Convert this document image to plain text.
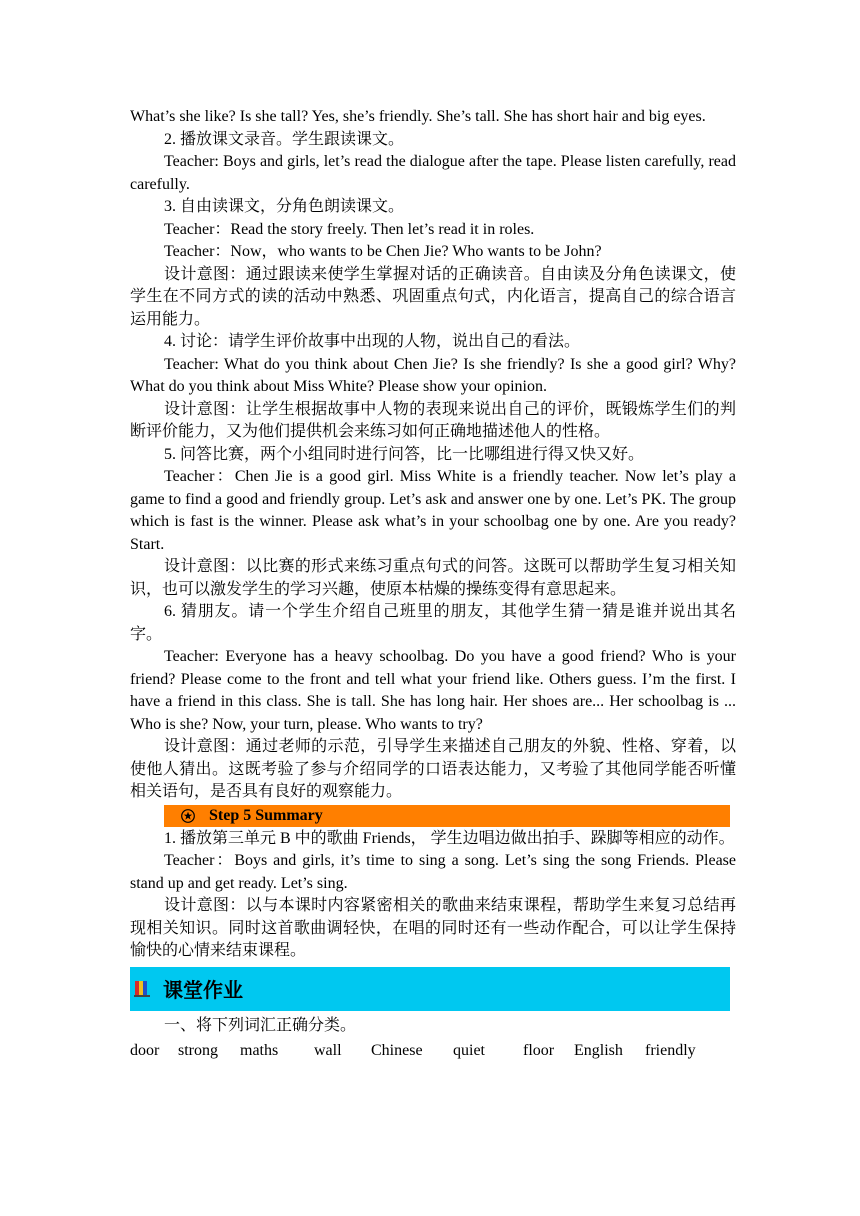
What’s she like? Is she tall? Yes, she’s friendly. She’s tall. She has short hair and big eyes.

2. 播放课文录音。学生跟读课文。

Teacher: Boys and girls, let’s read the dialogue after the tape. Please listen carefully, read carefully.

3. 自由读课文，分角色朗读课文。

Teacher：Read the story freely. Then let’s read it in roles.

Teacher：Now，who wants to be Chen Jie? Who wants to be John?

设计意图：通过跟读来使学生掌握对话的正确读音。自由读及分角色读课文，使学生在不同方式的读的活动中熟悉、巩固重点句式，内化语言，提高自己的综合语言运用能力。

4. 讨论：请学生评价故事中出现的人物，说出自己的看法。

Teacher: What do you think about Chen Jie? Is she friendly? Is she a good girl? Why? What do you think about Miss White? Please show your opinion.

设计意图：让学生根据故事中人物的表现来说出自己的评价，既锻炼学生们的判断评价能力，又为他们提供机会来练习如何正确地描述他人的性格。

5. 问答比赛，两个小组同时进行问答，比一比哪组进行得又快又好。

Teacher：Chen Jie is a good girl. Miss White is a friendly teacher. Now let’s play a game to find a good and friendly group. Let’s ask and answer one by one. Let’s PK. The group which is fast is the winner. Please ask what’s in your schoolbag one by one. Are you ready? Start.

设计意图：以比赛的形式来练习重点句式的问答。这既可以帮助学生复习相关知识，也可以激发学生的学习兴趣，使原本枯燥的操练变得有意思起来。

6. 猜朋友。请一个学生介绍自己班里的朋友，其他学生猜一猜是谁并说出其名字。

Teacher: Everyone has a heavy schoolbag. Do you have a good friend? Who is your friend? Please come to the front and tell what your friend like. Others guess. I’m the first. I have a friend in this class. She is tall. She has long hair. Her shoes are... Her schoolbag is ... Who is she? Now, your turn, please. Who wants to try?

设计意图：通过老师的示范，引导学生来描述自己朋友的外貌、性格、穿着，以使他人猜出。这既考验了参与介绍同学的口语表达能力，又考验了其他同学能否听懂相关语句，是否具有良好的观察能力。

Step 5 Summary

1. 播放第三单元 B 中的歌曲 Friends， 学生边唱边做出拍手、跺脚等相应的动作。

Teacher：Boys and girls, it’s time to sing a song. Let’s sing the song Friends. Please stand up and get ready. Let’s sing.

设计意图：以与本课时内容紧密相关的歌曲来结束课程，帮助学生来复习总结再现相关知识。同时这首歌曲调轻快，在唱的同时还有一些动作配合，可以让学生保持愉快的心情来结束课程。

课堂作业

一、将下列词汇正确分类。

door	strong	maths	wall	Chinese	quiet	floor	English	friendly
